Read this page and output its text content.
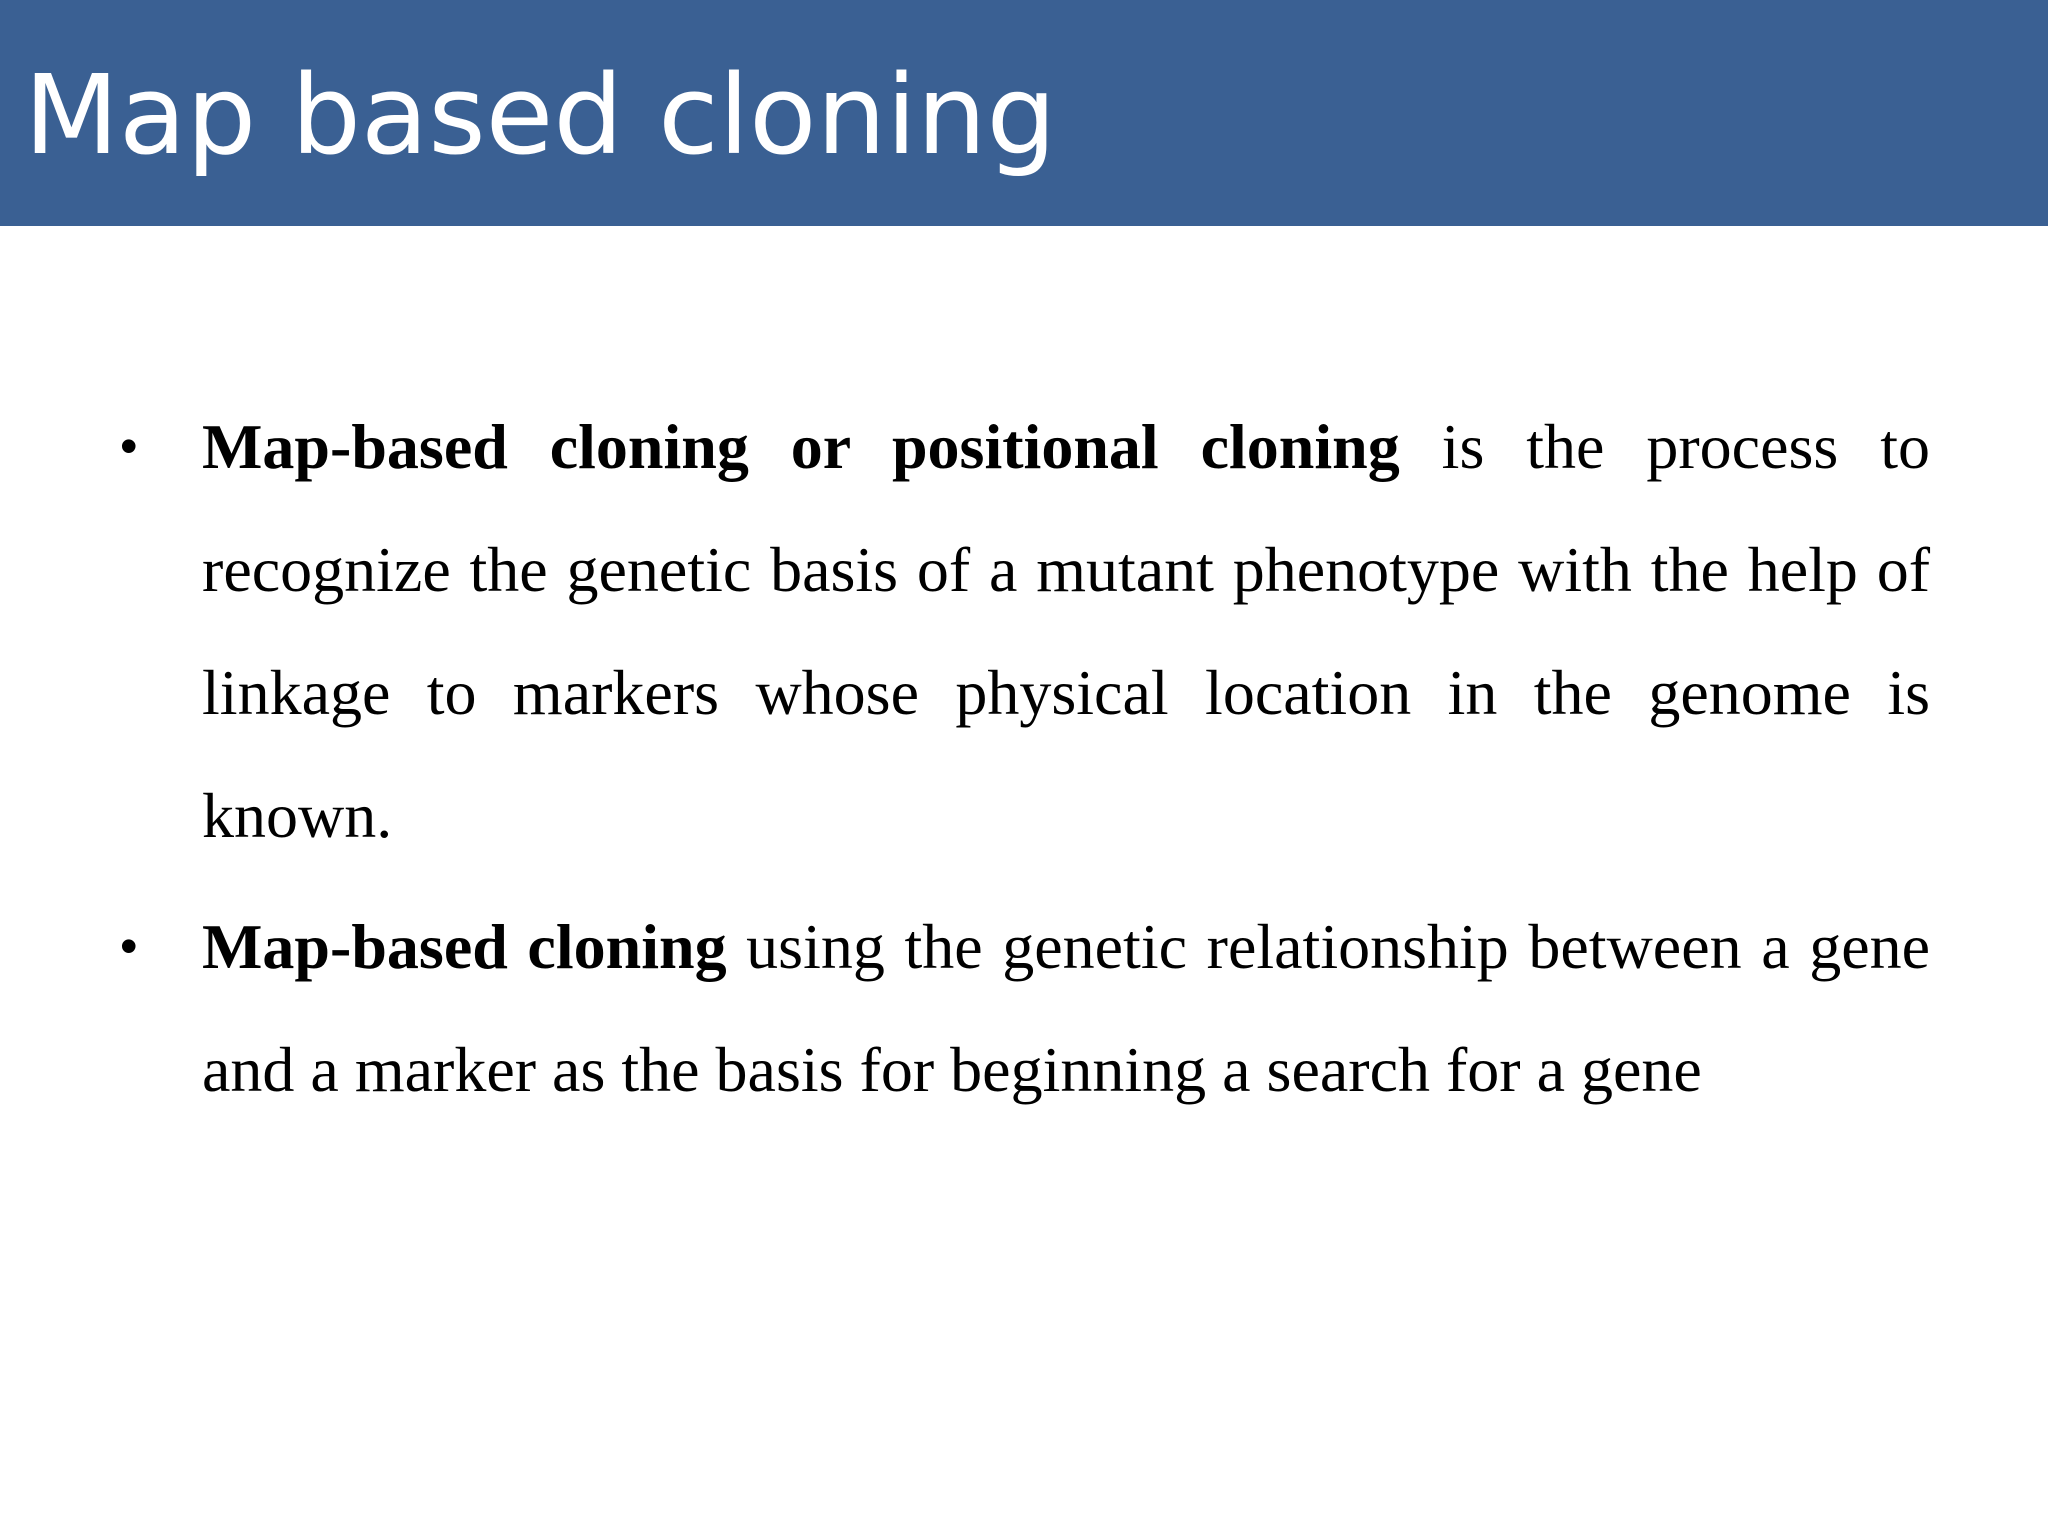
Map based cloning
• Map-based cloning or positional cloning is the process to recognize the genetic basis of a mutant phenotype with the help of linkage to markers whose physical location in the genome is known.
• Map-based cloning using the genetic relationship between a gene and a marker as the basis for beginning a search for a gene
